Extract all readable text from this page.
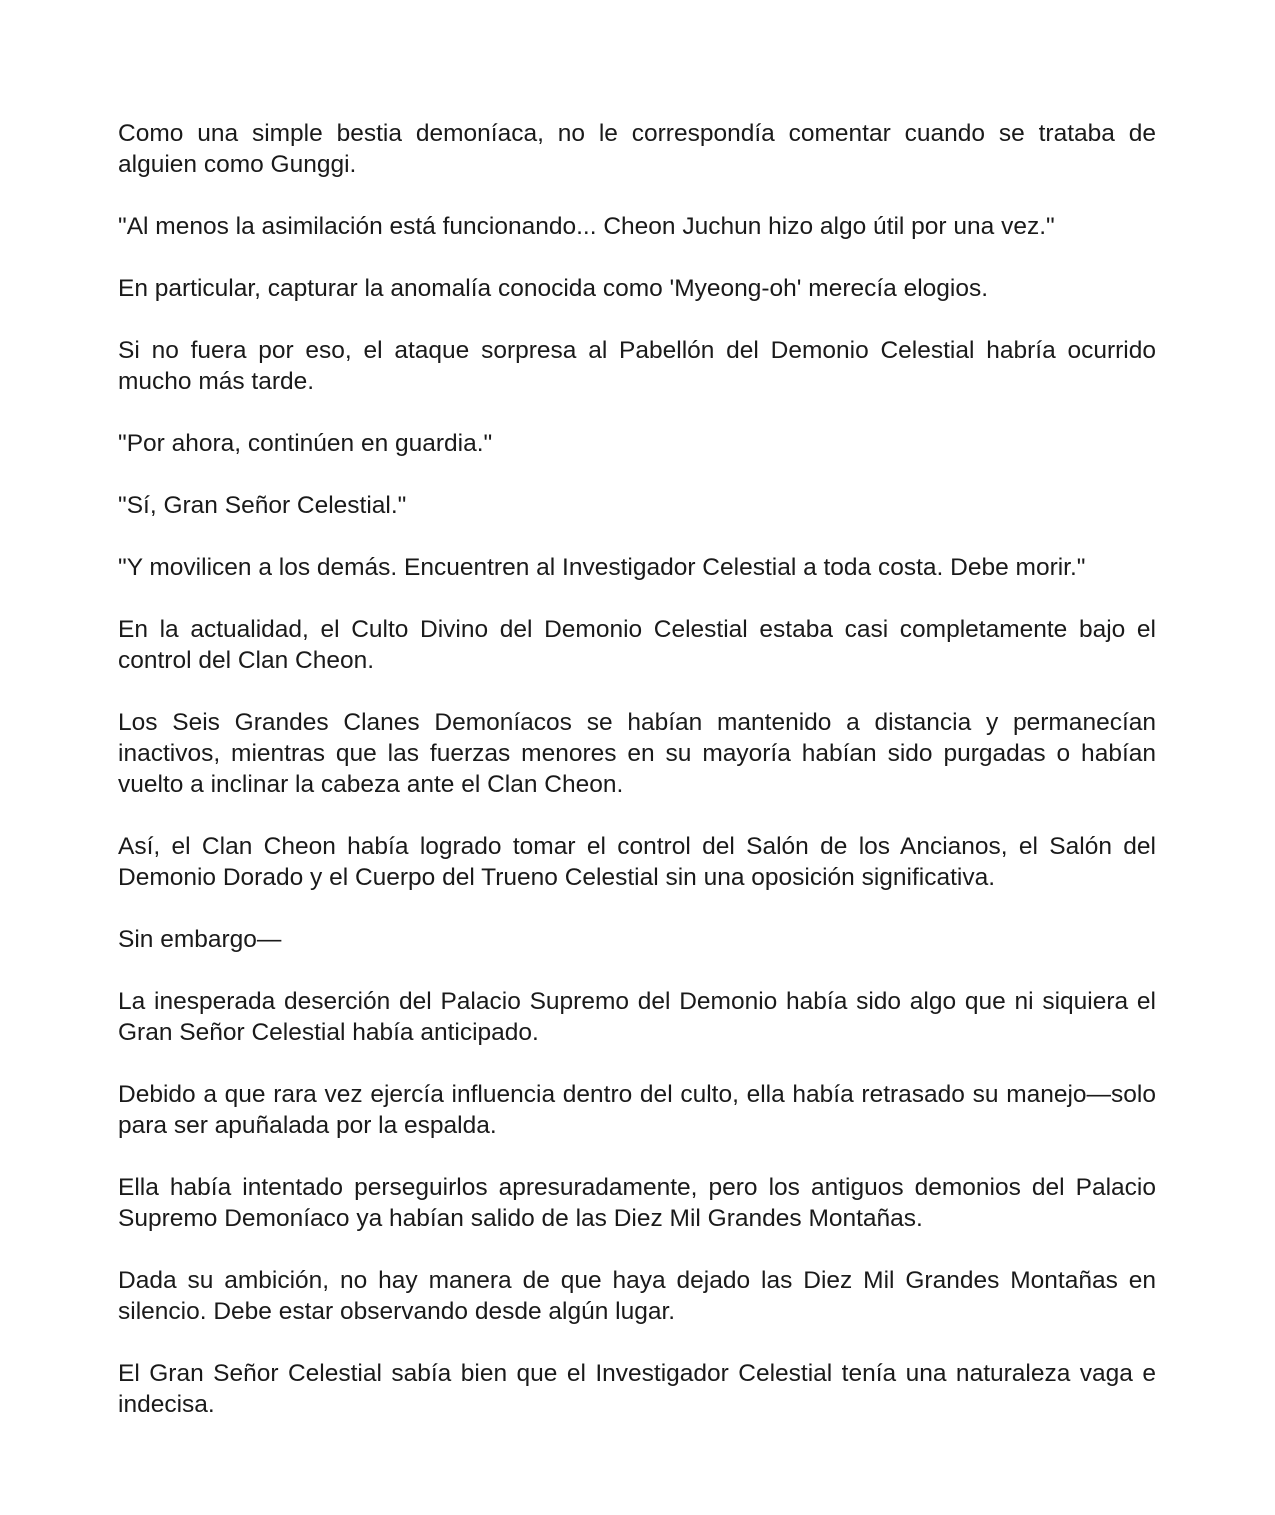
Como una simple bestia demoníaca, no le correspondía comentar cuando se trataba de alguien como Gunggi.

"Al menos la asimilación está funcionando... Cheon Juchun hizo algo útil por una vez."

En particular, capturar la anomalía conocida como 'Myeong-oh' merecía elogios.

Si no fuera por eso, el ataque sorpresa al Pabellón del Demonio Celestial habría ocurrido mucho más tarde.

"Por ahora, continúen en guardia."

"Sí, Gran Señor Celestial."

"Y movilicen a los demás. Encuentren al Investigador Celestial a toda costa. Debe morir."

En la actualidad, el Culto Divino del Demonio Celestial estaba casi completamente bajo el control del Clan Cheon.

Los Seis Grandes Clanes Demoníacos se habían mantenido a distancia y permanecían inactivos, mientras que las fuerzas menores en su mayoría habían sido purgadas o habían vuelto a inclinar la cabeza ante el Clan Cheon.

Así, el Clan Cheon había logrado tomar el control del Salón de los Ancianos, el Salón del Demonio Dorado y el Cuerpo del Trueno Celestial sin una oposición significativa.

Sin embargo—

La inesperada deserción del Palacio Supremo del Demonio había sido algo que ni siquiera el Gran Señor Celestial había anticipado.

Debido a que rara vez ejercía influencia dentro del culto, ella había retrasado su manejo—solo para ser apuñalada por la espalda.

Ella había intentado perseguirlos apresuradamente, pero los antiguos demonios del Palacio Supremo Demoníaco ya habían salido de las Diez Mil Grandes Montañas.

Dada su ambición, no hay manera de que haya dejado las Diez Mil Grandes Montañas en silencio. Debe estar observando desde algún lugar.

El Gran Señor Celestial sabía bien que el Investigador Celestial tenía una naturaleza vaga e indecisa.
